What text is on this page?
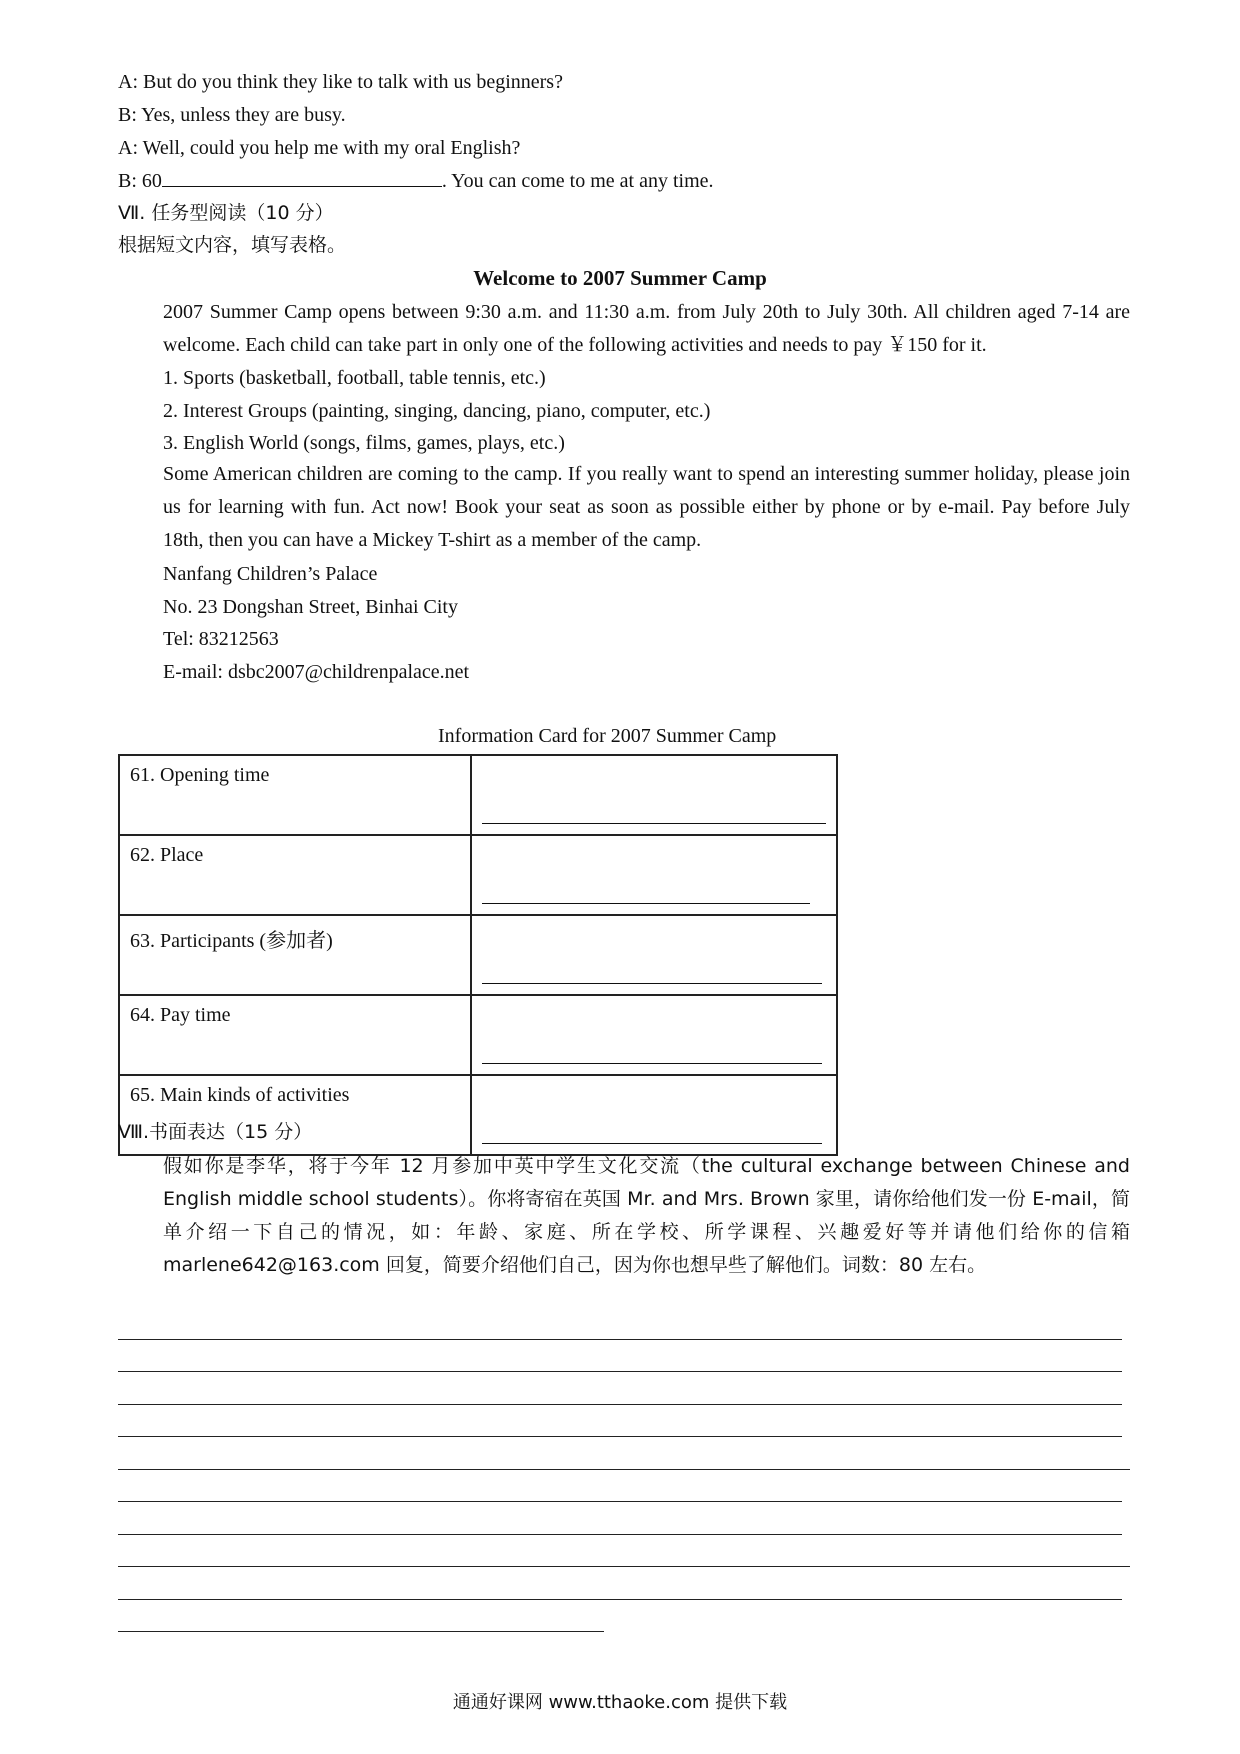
A: But do you think they like to talk with us beginners?
B: Yes, unless they are busy.
A: Well, could you help me with my oral English?
B: 60	. You can come to me at any time.
Ⅶ. 任务型阅读（10 分）
根据短文内容，填写表格。
Welcome to 2007 Summer Camp
2007 Summer Camp opens between 9:30 a.m. and 11:30 a.m. from July 20th to July 30th. All children aged 7-14 are welcome. Each child can take part in only one of the following activities and needs to pay ￥150 for it.
1. Sports (basketball, football, table tennis, etc.)
2. Interest Groups (painting, singing, dancing, piano, computer, etc.)
3. English World (songs, films, games, plays, etc.)
Some American children are coming to the camp. If you really want to spend an interesting summer holiday, please join us for learning with fun. Act now! Book your seat as soon as possible either by phone or by e-mail. Pay before July 18th, then you can have a Mickey T-shirt as a member of the camp.
Nanfang Children’s Palace
No. 23 Dongshan Street, Binhai City
Tel: 83212563
E-mail: dsbc2007@childrenpalace.net
Information Card for 2007 Summer Camp
61. Opening time	

62. Place	

63. Participants (参加者)	

64. Pay time	

65. Main kinds of activities	
Ⅷ.书面表达（15 分）
假如你是李华，将于今年 12 月参加中英中学生文化交流（the cultural exchange between Chinese and English middle school students）。你将寄宿在英国 Mr. and Mrs. Brown 家里，请你给他们发一份 E-mail，简单介绍一下自己的情况，如：年龄、家庭、所在学校、所学课程、兴趣爱好等并请他们给你的信箱 marlene642@163.com 回复，简要介绍他们自己，因为你也想早些了解他们。词数：80 左右。
通通好课网 www.tthaoke.com 提供下载
